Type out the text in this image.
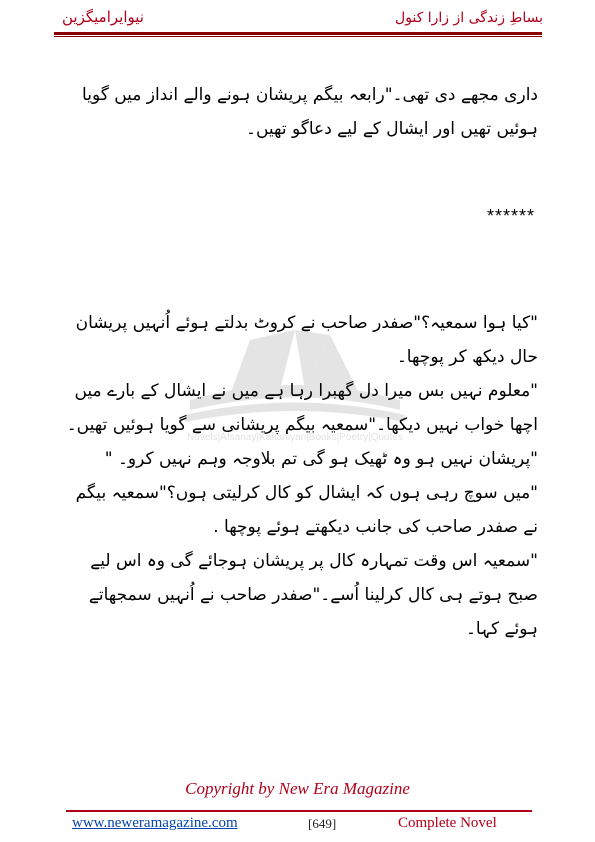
نیوایرامیگزین	بساطِ زندگی از زارا کنول
Novels|Afsanay|Kahaniyan|Books|Poetry|Quotes

داری مجھے دی تھی۔"رابعہ بیگم پریشان ہونے والے انداز میں گویا ہوئیں تھیں اور ایشال کے لیے دعاگو تھیں۔

******

"کیا ہوا سمعیہ؟"صفدر صاحب نے کروٹ بدلتے ہوئے اُنہیں پریشان حال دیکھ کر پوچھا۔

"معلوم نہیں بس میرا دل گھبرا رہا ہے میں نے ایشال کے بارے میں اچھا خواب نہیں دیکھا۔"سمعیہ بیگم پریشانی سے گویا ہوئیں تھیں۔

"پریشان نہیں ہو وہ ٹھیک ہو گی تم بلاوجہ وہم نہیں کرو۔ "

"میں سوچ رہی ہوں کہ ایشال کو کال کرلیتی ہوں؟"سمعیہ بیگم نے صفدر صاحب کی جانب دیکھتے ہوئے پوچھا .

"سمعیہ اس وقت تمہارہ کال پر پریشان ہوجائے گی وہ اس لیے صبح ہوتے ہی کال کرلینا اُسے۔"صفدر صاحب نے اُنہیں سمجھاتے ہوئے کہا۔

Copyright by New Era Magazine
www.neweramagazine.com	[649]	Complete Novel
